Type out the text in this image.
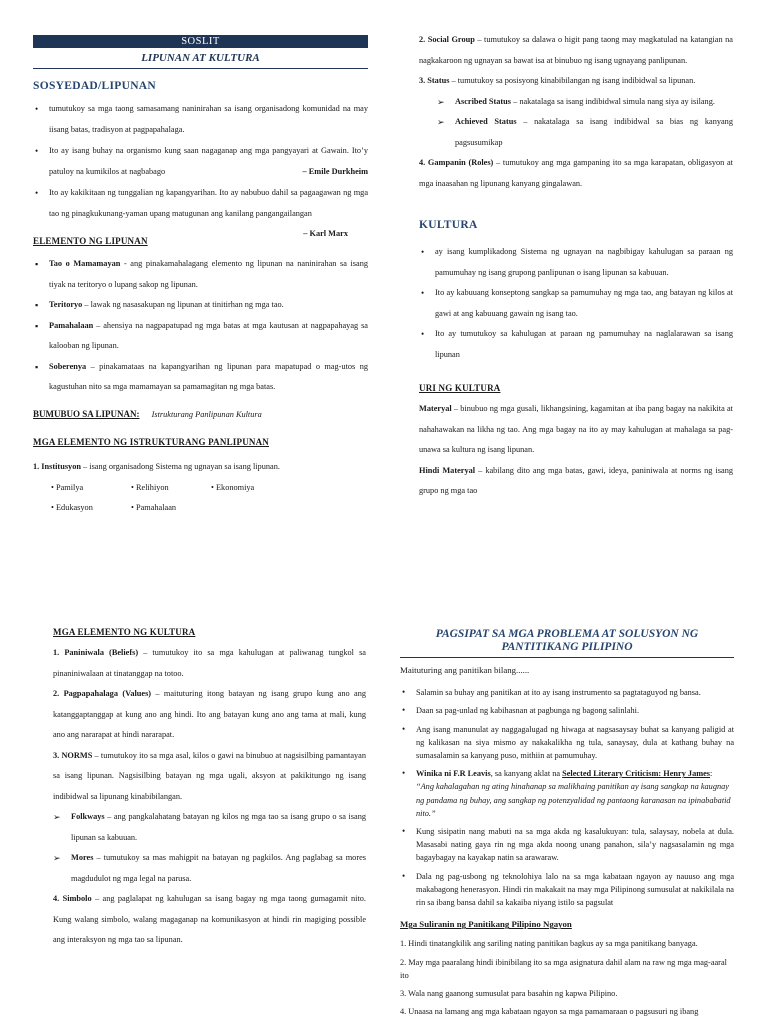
SOSLIT
LIPUNAN AT KULTURA
SOSYEDAD/LIPUNAN
• tumutukoy sa mga taong samasamang naninirahan sa isang organisadong komunidad na may iisang batas, tradisyon at pagpapahalaga.
• Ito ay isang buhay na organismo kung saan nagaganap ang mga pangyayari at Gawain. Ito’y patuloy na kumikilos at nagbabago	– Emile Durkheim
• Ito ay kakikitaan ng tunggalian ng kapangyarihan. Ito ay nabubuo dahil sa pagaagawan ng mga tao ng pinagkukunang-yaman upang matugunan ang kanilang pangangailangan
– Karl Marx
ELEMENTO NG LIPUNAN
▪ Tao o Mamamayan - ang pinakamahalagang elemento ng lipunan na naninirahan sa isang tiyak na teritoryo o lupang sakop ng lipunan.
▪ Teritoryo – lawak ng nasasakupan ng lipunan at tinitirhan ng mga tao.
▪ Pamahalaan – ahensiya na nagpapatupad ng mga batas at mga kautusan at nagpapahayag sa kalooban ng lipunan.
▪ Soberenya – pinakamataas na kapangyarihan ng lipunan para mapatupad o mag-utos ng kagustuhan nito sa mga mamamayan sa pamamagitan ng mga batas.
BUMUBUO SA LIPUNAN: Istrukturang Panlipunan Kultura
MGA ELEMENTO NG ISTRUKTURANG PANLIPUNAN

1. Institusyon – isang organisadong Sistema ng ugnayan sa isang lipunan.

• Pamilya	• Relihiyon	• Ekonomiya
• Edukasyon	• Pamahalaan

2. Social Group – tumutukoy sa dalawa o higit pang taong may magkatulad na katangian na nagkakaroon ng ugnayan sa bawat isa at binubuo ng isang ugnayang panlipunan.

3. Status – tumutukoy sa posisyong kinabibilangan ng isang indibidwal sa lipunan.

➢ Ascribed Status – nakatalaga sa isang indibidwal simula nang siya ay isilang.
➢ Achieved Status – nakatalaga sa isang indibidwal sa bias ng kanyang pagsusumikap

4. Gampanin (Roles) – tumutukoy ang mga gampaning ito sa mga karapatan, obligasyon at mga inaasahan ng lipunang kanyang gingalawan.

KULTURA
• ay isang kumplikadong Sistema ng ugnayan na nagbibigay kahulugan sa paraan ng pamumuhay ng isang grupong panlipunan o isang lipunan sa kabuuan.
• Ito ay kabuuang konseptong sangkap sa pamumuhay ng mga tao, ang batayan ng kilos at gawi at ang kabuuang gawain ng isang tao.
• Ito ay tumutukoy sa kahulugan at paraan ng pamumuhay na naglalarawan sa isang lipunan
URI NG KULTURA

Materyal – binubuo ng mga gusali, likhangsining, kagamitan at iba pang bagay na nakikita at nahahawakan na likha ng tao. Ang mga bagay na ito ay may kahulugan at mahalaga sa pag-unawa sa kultura ng isang lipunan.

Hindi Materyal – kabilang dito ang mga batas, gawi, ideya, paniniwala at norms ng isang grupo ng mga tao

MGA ELEMENTO NG KULTURA

1. Paniniwala (Beliefs) – tumutukoy ito sa mga kahulugan at paliwanag tungkol sa pinaniniwalaan at tinatanggap na totoo.

2. Pagpapahalaga (Values) – maituturing itong batayan ng isang grupo kung ano ang katanggaptanggap at kung ano ang hindi. Ito ang batayan kung ano ang tama at mali, kung ano ang nararapat at hindi nararapat.

3. NORMS – tumutukoy ito sa mga asal, kilos o gawi na binubuo at nagsisilbing pamantayan sa isang lipunan. Nagsisilbing batayan ng mga ugali, aksyon at pakikitungo ng isang indibidwal sa lipunang kinabibilangan.

➢ Folkways – ang pangkalahatang batayan ng kilos ng mga tao sa isang grupo o sa isang lipunan sa kabuuan.
➢ Mores – tumutukoy sa mas mahigpit na batayan ng pagkilos. Ang paglabag sa mores magdudulot ng mga legal na parusa.

4. Simbolo – ang paglalapat ng kahulugan sa isang bagay ng mga taong gumagamit nito. Kung walang simbolo, walang magaganap na komunikasyon at hindi rin magiging possible ang interaksyon ng mga tao sa lipunan.

PAGSIPAT SA MGA PROBLEMA AT SOLUSYON NG PANTITIKANG PILIPINO

Maituturing ang panitikan bilang......

• Salamin sa buhay ang panitikan at ito ay isang instrumento sa pagtataguyod ng bansa.
• Daan sa pag-unlad ng kabihasnan at pagbunga ng bagong salinlahi.
• Ang isang manunulat ay naggagalugad ng hiwaga at nagsasaysay buhat sa kanyang paligid at ng kalikasan na siya mismo ay nakakalikha ng tula, sanaysay, dula at kathang buhay na sumasalamin sa kanyang puso, mithiin at pamumuhay.
• Winika ni F.R Leavis, sa kanyang aklat na Selected Literary Criticism: Henry James:
“Ang kahalagahan ng ating hinahanap sa malikhaing panitikan ay isang sangkap na kaugnay ng pandama ng buhay, ang sangkap ng potenzyalidad ng pantaong karanasan na ipinababatid nito.”
• Kung sisipatin nang mabuti na sa mga akda ng kasalukuyan: tula, salaysay, nobela at dula. Masasabi nating gaya rin ng mga akda noong unang panahon, sila’y nagsasalamin ng mga bagaybagay na kayakap natin sa arawaraw.
• Dala ng pag-usbong ng teknolohiya lalo na sa mga kabataan ngayon ay nauuso ang mga makabagong henerasyon. Hindi rin makakait na may mga Pilipinong sumusulat at nakikilala na rin sa ibang bansa dahil sa kakaiba niyang istilo sa pagsulat

Mga Suliranin ng Panitikang Pilipino Ngayon

1. Hindi tinatangkilik ang sariling nating panitikan bagkus ay sa mga panitikang banyaga.

2. May mga paaralang hindi ibinibilang ito sa mga asignatura dahil alam na raw ng mga mag-aaral ito

3. Wala nang gaanong sumusulat para basahin ng kapwa Pilipino.

4. Unaasa na lamang ang mga kabataan ngayon sa mga pamamaraan o pagsusuri ng ibang
